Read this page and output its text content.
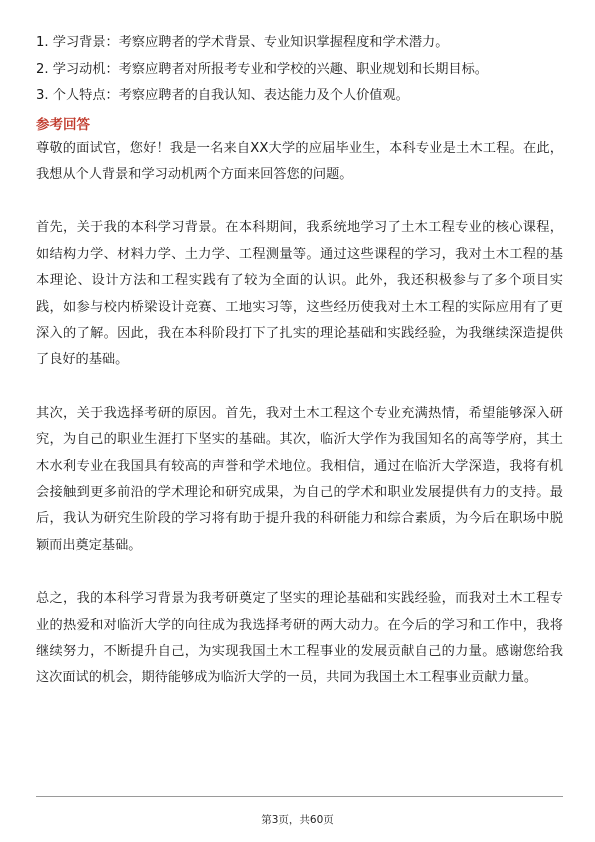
1. 学习背景：考察应聘者的学术背景、专业知识掌握程度和学术潜力。
2. 学习动机：考察应聘者对所报考专业和学校的兴趣、职业规划和长期目标。
3. 个人特点：考察应聘者的自我认知、表达能力及个人价值观。
参考回答

尊敬的面试官，您好！我是一名来自XX大学的应届毕业生，本科专业是土木工程。在此，我想从个人背景和学习动机两个方面来回答您的问题。

首先，关于我的本科学习背景。在本科期间，我系统地学习了土木工程专业的核心课程，如结构力学、材料力学、土力学、工程测量等。通过这些课程的学习，我对土木工程的基本理论、设计方法和工程实践有了较为全面的认识。此外，我还积极参与了多个项目实践，如参与校内桥梁设计竞赛、工地实习等，这些经历使我对土木工程的实际应用有了更深入的了解。因此，我在本科阶段打下了扎实的理论基础和实践经验，为我继续深造提供了良好的基础。

其次，关于我选择考研的原因。首先，我对土木工程这个专业充满热情，希望能够深入研究，为自己的职业生涯打下坚实的基础。其次，临沂大学作为我国知名的高等学府，其土木水利专业在我国具有较高的声誉和学术地位。我相信，通过在临沂大学深造，我将有机会接触到更多前沿的学术理论和研究成果，为自己的学术和职业发展提供有力的支持。最后，我认为研究生阶段的学习将有助于提升我的科研能力和综合素质，为今后在职场中脱颖而出奠定基础。

总之，我的本科学习背景为我考研奠定了坚实的理论基础和实践经验，而我对土木工程专业的热爱和对临沂大学的向往成为我选择考研的两大动力。在今后的学习和工作中，我将继续努力，不断提升自己，为实现我国土木工程事业的发展贡献自己的力量。感谢您给我这次面试的机会，期待能够成为临沂大学的一员，共同为我国土木工程事业贡献力量。

第3页，共60页
